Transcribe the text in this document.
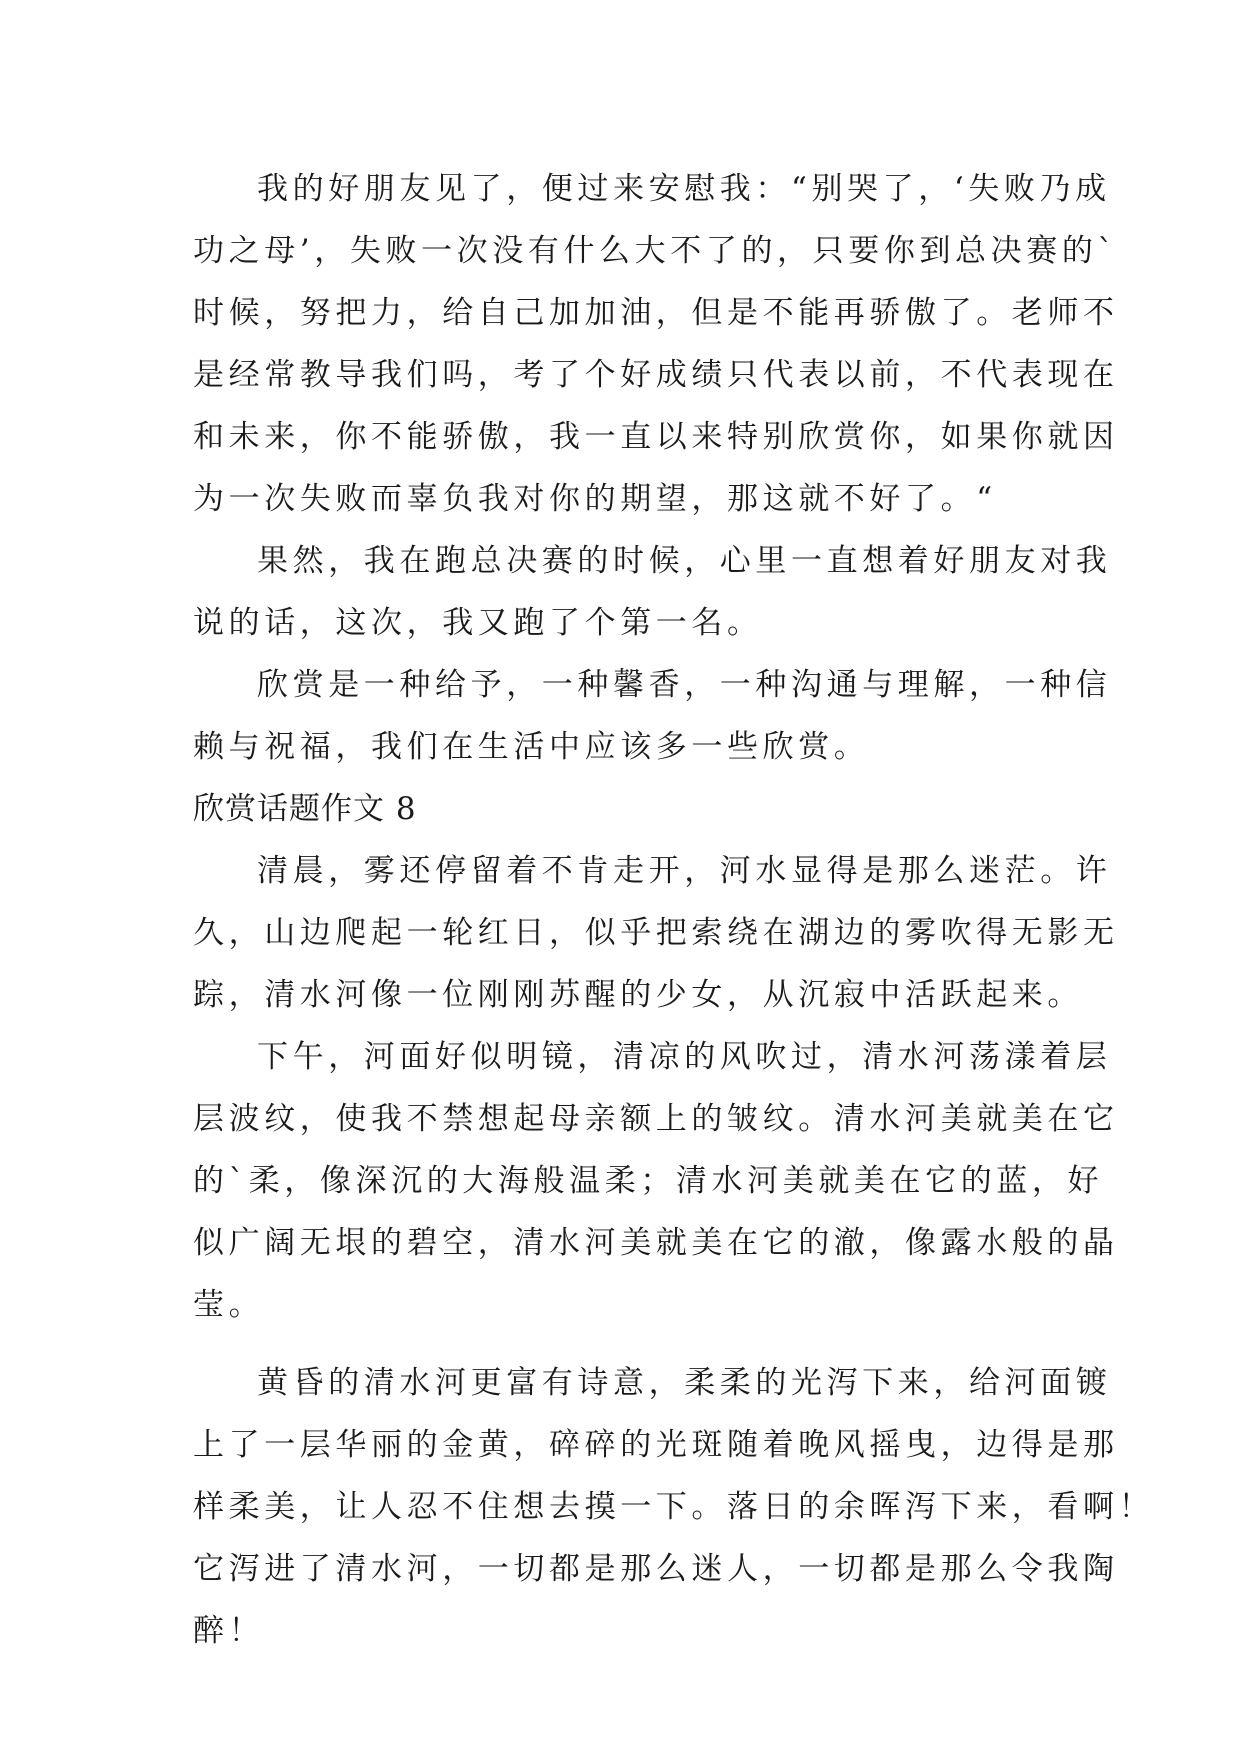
我的好朋友见了，便过来安慰我：“别哭了，‘失败乃成
功之母’，失败一次没有什么大不了的，只要你到总决赛的`
时候，努把力，给自己加加油，但是不能再骄傲了。老师不
是经常教导我们吗，考了个好成绩只代表以前，不代表现在
和未来，你不能骄傲，我一直以来特别欣赏你，如果你就因
为一次失败而辜负我对你的期望，那这就不好了。“
果然，我在跑总决赛的时候，心里一直想着好朋友对我
说的话，这次，我又跑了个第一名。
欣赏是一种给予，一种馨香，一种沟通与理解，一种信
赖与祝福，我们在生活中应该多一些欣赏。
欣赏话题作文 8
清晨，雾还停留着不肯走开，河水显得是那么迷茫。许
久，山边爬起一轮红日，似乎把索绕在湖边的雾吹得无影无
踪，清水河像一位刚刚苏醒的少女，从沉寂中活跃起来。
下午，河面好似明镜，清凉的风吹过，清水河荡漾着层
层波纹，使我不禁想起母亲额上的皱纹。清水河美就美在它
的`柔，像深沉的大海般温柔；清水河美就美在它的蓝，好
似广阔无垠的碧空，清水河美就美在它的澈，像露水般的晶
莹。
黄昏的清水河更富有诗意，柔柔的光泻下来，给河面镀
上了一层华丽的金黄，碎碎的光斑随着晚风摇曳，边得是那
样柔美，让人忍不住想去摸一下。落日的余晖泻下来，看啊！
它泻进了清水河，一切都是那么迷人，一切都是那么令我陶
醉！
